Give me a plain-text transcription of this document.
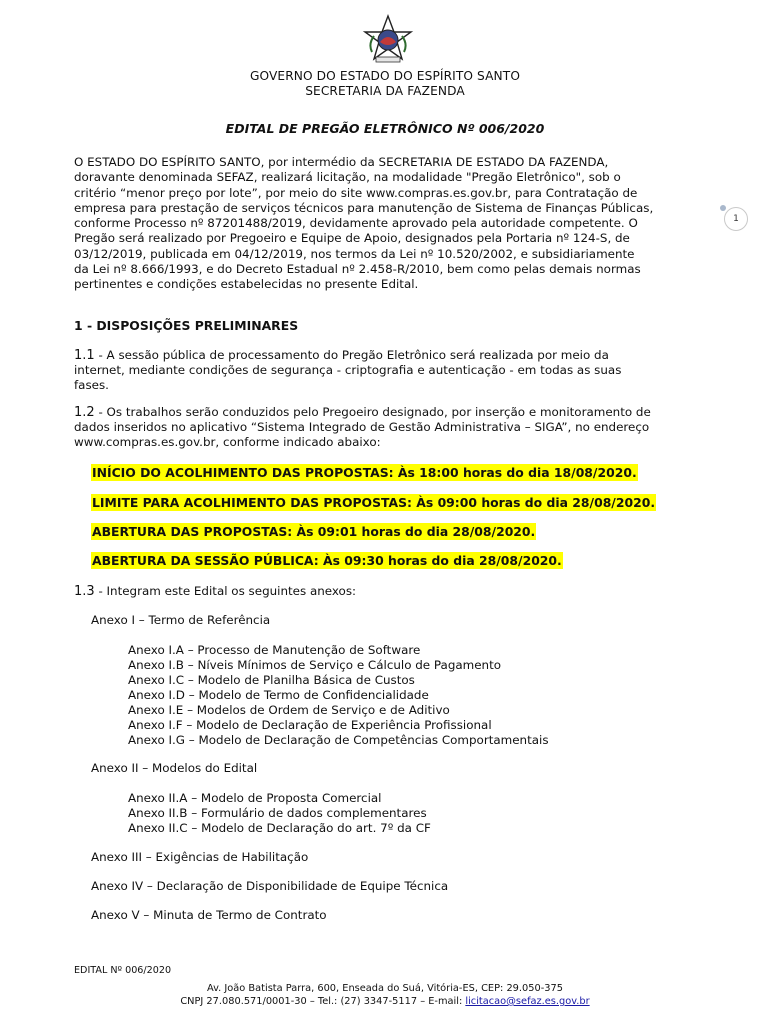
GOVERNO DO ESTADO DO ESPÍRITO SANTO
SECRETARIA DA FAZENDA
EDITAL DE PREGÃO ELETRÔNICO Nº 006/2020
O ESTADO DO ESPÍRITO SANTO, por intermédio da SECRETARIA DE ESTADO DA FAZENDA,
doravante denominada SEFAZ, realizará licitação, na modalidade "Pregão Eletrônico", sob o
critério “menor preço por lote”, por meio do site www.compras.es.gov.br, para Contratação de
empresa para prestação de serviços técnicos para manutenção de Sistema de Finanças Públicas,
conforme Processo nº 87201488/2019, devidamente aprovado pela autoridade competente. O
Pregão será realizado por Pregoeiro e Equipe de Apoio, designados pela Portaria nº 124-S, de
03/12/2019, publicada em 04/12/2019, nos termos da Lei nº 10.520/2002, e subsidiariamente
da Lei nº 8.666/1993, e do Decreto Estadual nº 2.458-R/2010, bem como pelas demais normas
pertinentes e condições estabelecidas no presente Edital.
1
1 - DISPOSIÇÕES PRELIMINARES
1.1 - A sessão pública de processamento do Pregão Eletrônico será realizada por meio da
internet, mediante condições de segurança - criptografia e autenticação - em todas as suas
fases.
1.2 - Os trabalhos serão conduzidos pelo Pregoeiro designado, por inserção e monitoramento de
dados inseridos no aplicativo “Sistema Integrado de Gestão Administrativa – SIGA”, no endereço
www.compras.es.gov.br, conforme indicado abaixo:
INÍCIO DO ACOLHIMENTO DAS PROPOSTAS: Às 18:00 horas do dia 18/08/2020.
LIMITE PARA ACOLHIMENTO DAS PROPOSTAS: Às 09:00 horas do dia 28/08/2020.
ABERTURA DAS PROPOSTAS: Às 09:01 horas do dia 28/08/2020.
ABERTURA DA SESSÃO PÚBLICA: Às 09:30 horas do dia 28/08/2020.
1.3 - Integram este Edital os seguintes anexos:
Anexo I – Termo de Referência
Anexo I.A – Processo de Manutenção de Software
Anexo I.B – Níveis Mínimos de Serviço e Cálculo de Pagamento
Anexo I.C – Modelo de Planilha Básica de Custos
Anexo I.D – Modelo de Termo de Confidencialidade
Anexo I.E – Modelos de Ordem de Serviço e de Aditivo
Anexo I.F – Modelo de Declaração de Experiência Profissional
Anexo I.G – Modelo de Declaração de Competências Comportamentais
Anexo II – Modelos do Edital
Anexo II.A – Modelo de Proposta Comercial
Anexo II.B – Formulário de dados complementares
Anexo II.C – Modelo de Declaração do art. 7º da CF
Anexo III – Exigências de Habilitação
Anexo IV – Declaração de Disponibilidade de Equipe Técnica
Anexo V – Minuta de Termo de Contrato
EDITAL Nº 006/2020
Av. João Batista Parra, 600, Enseada do Suá, Vitória-ES, CEP: 29.050-375
CNPJ 27.080.571/0001-30 – Tel.: (27) 3347-5117 – E-mail: licitacao@sefaz.es.gov.br
